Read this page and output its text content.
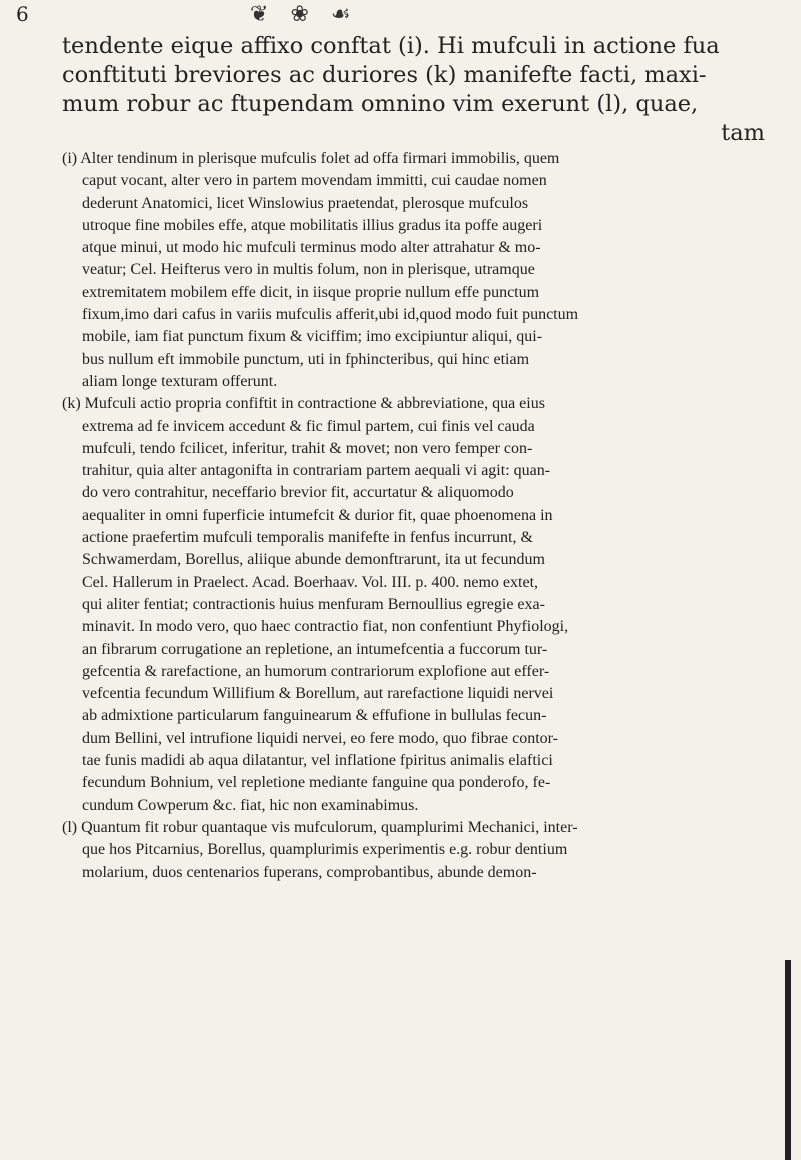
6	❦ ❀ ☙
tendente eique affixo conftat (i). Hi mufculi in actione fua
conftituti breviores ac duriores (k) manifefte facti, maxi-
mum robur ac ftupendam omnino vim exerunt (l), quae,
tam
(i) Alter tendinum in plerisque mufculis folet ad offa firmari immobilis, quem
caput vocant, alter vero in partem movendam immitti, cui caudae nomen
dederunt Anatomici, licet Winslowius praetendat, plerosque mufculos
utroque fine mobiles effe, atque mobilitatis illius gradus ita poffe augeri
atque minui, ut modo hic mufculi terminus modo alter attrahatur & mo-
veatur; Cel. Heifterus vero in multis folum, non in plerisque, utramque
extremitatem mobilem effe dicit, in iisque proprie nullum effe punctum
fixum,imo dari cafus in variis mufculis afferit,ubi id,quod modo fuit punctum
mobile, iam fiat punctum fixum & viciffim; imo excipiuntur aliqui, qui-
bus nullum eft immobile punctum, uti in fphincteribus, qui hinc etiam
aliam longe texturam offerunt.
(k) Mufculi actio propria confiftit in contractione & abbreviatione, qua eius
extrema ad fe invicem accedunt & fic fimul partem, cui finis vel cauda
mufculi, tendo fcilicet, inferitur, trahit & movet; non vero femper con-
trahitur, quia alter antagonifta in contrariam partem aequali vi agit: quan-
do vero contrahitur, neceffario brevior fit, accurtatur & aliquomodo
aequaliter in omni fuperficie intumefcit & durior fit, quae phoenomena in
actione praefertim mufculi temporalis manifefte in fenfus incurrunt, &
Schwamerdam, Borellus, aliique abunde demonftrarunt, ita ut fecundum
Cel. Hallerum in Praelect. Acad. Boerhaav. Vol. III. p. 400. nemo extet,
qui aliter fentiat; contractionis huius menfuram Bernoullius egregie exa-
minavit. In modo vero, quo haec contractio fiat, non confentiunt Phyfiologi,
an fibrarum corrugatione an repletione, an intumefcentia a fuccorum tur-
gefcentia & rarefactione, an humorum contrariorum explofione aut effer-
vefcentia fecundum Willifium & Borellum, aut rarefactione liquidi nervei
ab admixtione particularum fanguinearum & effufione in bullulas fecun-
dum Bellini, vel intrufione liquidi nervei, eo fere modo, quo fibrae contor-
tae funis madidi ab aqua dilatantur, vel inflatione fpiritus animalis elaftici
fecundum Bohnium, vel repletione mediante fanguine qua ponderofo, fe-
cundum Cowperum &c. fiat, hic non examinabimus.
(l) Quantum fit robur quantaque vis mufculorum, quamplurimi Mechanici, inter-
que hos Pitcarnius, Borellus, quamplurimis experimentis e.g. robur dentium
molarium, duos centenarios fuperans, comprobantibus, abunde demon-
